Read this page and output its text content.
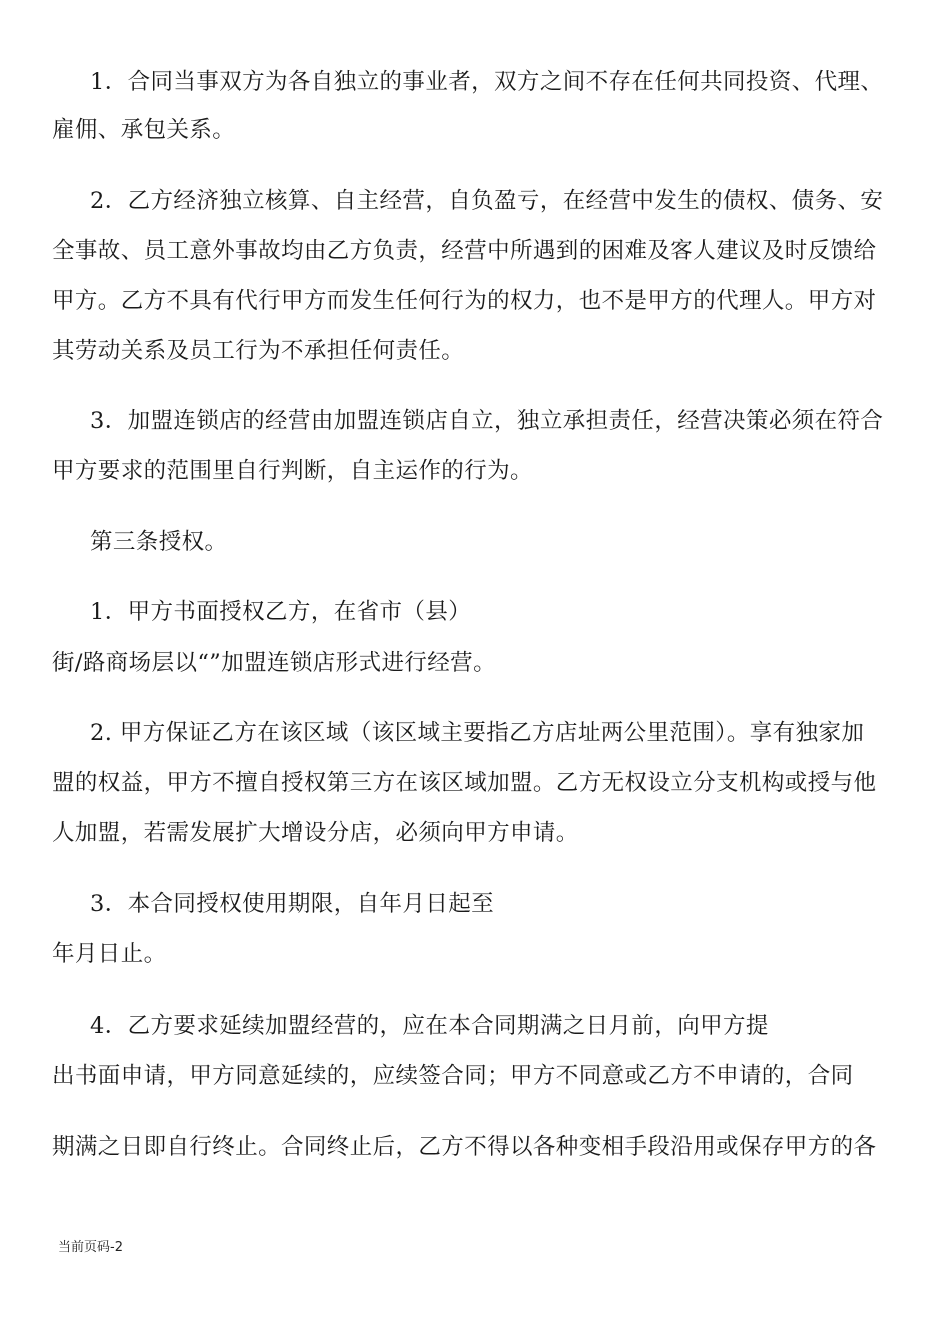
1．合同当事双方为各自独立的事业者，双方之间不存在任何共同投资、代理、
雇佣、承包关系。
2．乙方经济独立核算、自主经营，自负盈亏，在经营中发生的债权、债务、安
全事故、员工意外事故均由乙方负责，经营中所遇到的困难及客人建议及时反馈给
甲方。乙方不具有代行甲方而发生任何行为的权力，也不是甲方的代理人。甲方对
其劳动关系及员工行为不承担任何责任。
3．加盟连锁店的经营由加盟连锁店自立，独立承担责任，经营决策必须在符合
甲方要求的范围里自行判断，自主运作的行为。
第三条授权。
1．甲方书面授权乙方，在省市（县）
街/路商场层以“”加盟连锁店形式进行经营。
2. 甲方保证乙方在该区域（该区域主要指乙方店址两公里范围）。享有独家加
盟的权益，甲方不擅自授权第三方在该区域加盟。乙方无权设立分支机构或授与他
人加盟，若需发展扩大增设分店，必须向甲方申请。
3．本合同授权使用期限，自年月日起至
年月日止。
4．乙方要求延续加盟经营的，应在本合同期满之日月前，向甲方提
出书面申请，甲方同意延续的，应续签合同；甲方不同意或乙方不申请的，合同
期满之日即自行终止。合同终止后，乙方不得以各种变相手段沿用或保存甲方的各
当前页码-2
